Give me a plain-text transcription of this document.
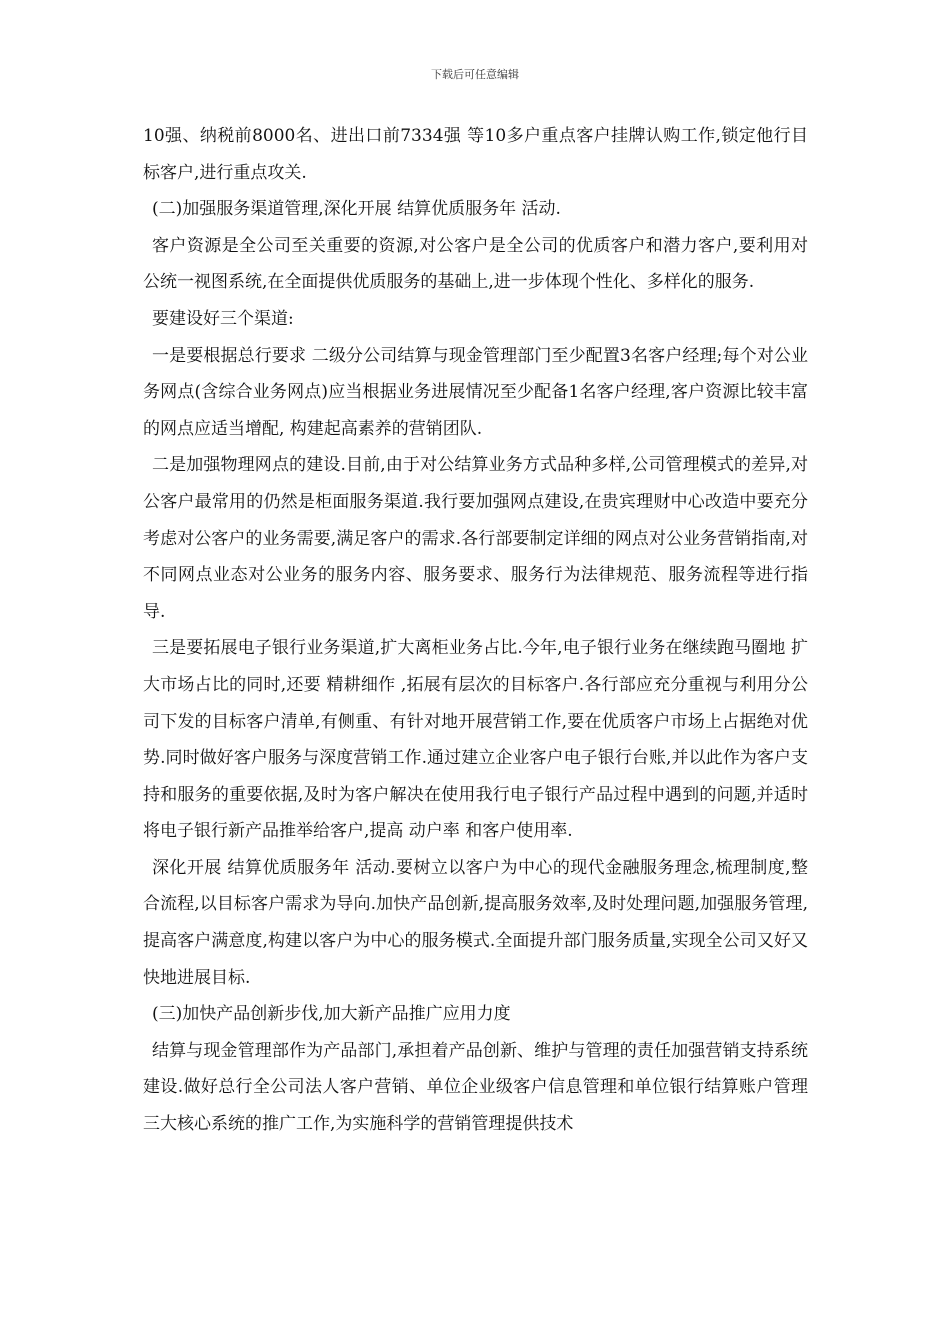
下载后可任意编辑

10强、纳税前8000名、进出口前7334强 等10多户重点客户挂牌认购工作,锁定他行目标客户,进行重点攻关.

(二)加强服务渠道管理,深化开展 结算优质服务年 活动.

客户资源是全公司至关重要的资源,对公客户是全公司的优质客户和潜力客户,要利用对公统一视图系统,在全面提供优质服务的基础上,进一步体现个性化、多样化的服务.

要建设好三个渠道:

一是要根据总行要求 二级分公司结算与现金管理部门至少配置3名客户经理;每个对公业务网点(含综合业务网点)应当根据业务进展情况至少配备1名客户经理,客户资源比较丰富的网点应适当增配, 构建起高素养的营销团队.

二是加强物理网点的建设.目前,由于对公结算业务方式品种多样,公司管理模式的差异,对公客户最常用的仍然是柜面服务渠道.我行要加强网点建设,在贵宾理财中心改造中要充分考虑对公客户的业务需要,满足客户的需求.各行部要制定详细的网点对公业务营销指南,对不同网点业态对公业务的服务内容、服务要求、服务行为法律规范、服务流程等进行指导.

三是要拓展电子银行业务渠道,扩大离柜业务占比.今年,电子银行业务在继续跑马圈地 扩大市场占比的同时,还要 精耕细作 ,拓展有层次的目标客户.各行部应充分重视与利用分公司下发的目标客户清单,有侧重、有针对地开展营销工作,要在优质客户市场上占据绝对优势.同时做好客户服务与深度营销工作.通过建立企业客户电子银行台账,并以此作为客户支持和服务的重要依据,及时为客户解决在使用我行电子银行产品过程中遇到的问题,并适时将电子银行新产品推举给客户,提高 动户率 和客户使用率.

深化开展 结算优质服务年 活动.要树立以客户为中心的现代金融服务理念,梳理制度,整合流程,以目标客户需求为导向.加快产品创新,提高服务效率,及时处理问题,加强服务管理,提高客户满意度,构建以客户为中心的服务模式.全面提升部门服务质量,实现全公司又好又快地进展目标.

(三)加快产品创新步伐,加大新产品推广应用力度

结算与现金管理部作为产品部门,承担着产品创新、维护与管理的责任加强营销支持系统建设.做好总行全公司法人客户营销、单位企业级客户信息管理和单位银行结算账户管理三大核心系统的推广工作,为实施科学的营销管理提供技术
